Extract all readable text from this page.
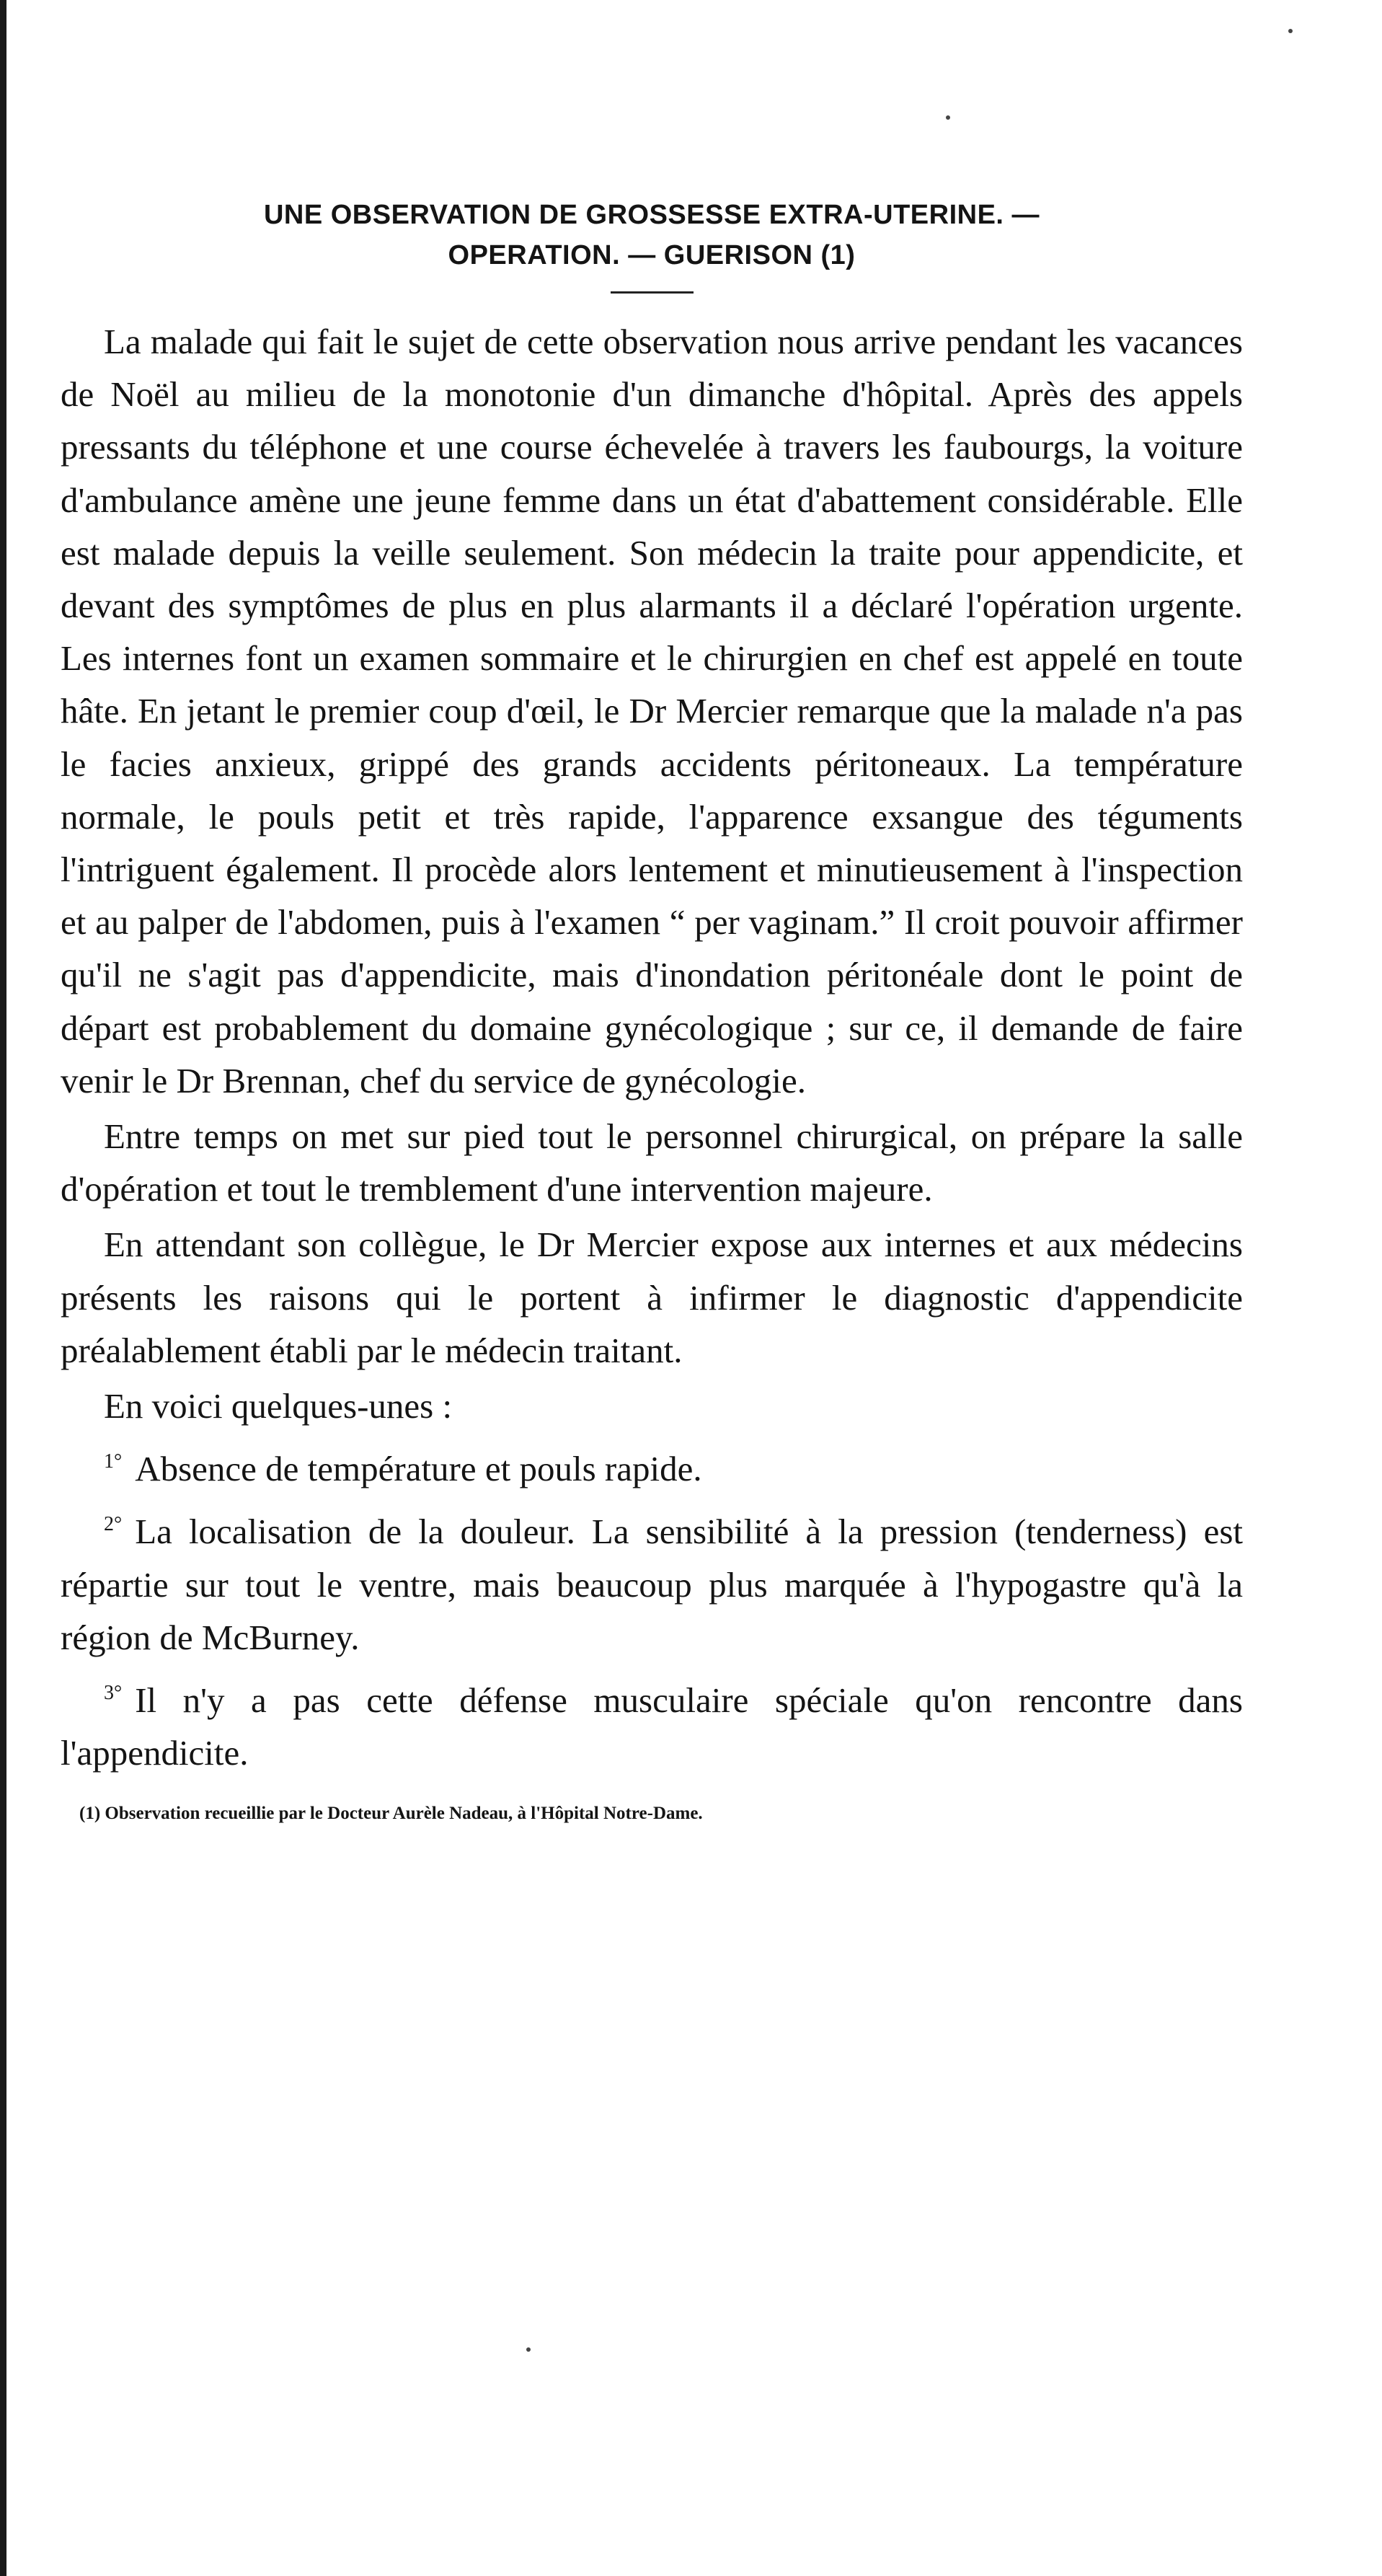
UNE OBSERVATION DE GROSSESSE EXTRA-UTERINE. —
OPERATION. — GUERISON (1)

La malade qui fait le sujet de cette observation nous arrive pendant les vacances de Noël au milieu de la monotonie d'un dimanche d'hôpital. Après des appels pressants du téléphone et une course échevelée à travers les faubourgs, la voiture d'ambulance amène une jeune femme dans un état d'abattement considérable. Elle est malade depuis la veille seulement. Son médecin la traite pour appendicite, et devant des symptômes de plus en plus alarmants il a déclaré l'opération urgente. Les internes font un examen sommaire et le chirurgien en chef est appelé en toute hâte. En jetant le premier coup d'œil, le Dr Mercier remarque que la malade n'a pas le facies anxieux, grippé des grands accidents péritoneaux. La température normale, le pouls petit et très rapide, l'apparence exsangue des téguments l'intriguent également. Il procède alors lentement et minutieusement à l'inspection et au palper de l'abdomen, puis à l'examen “ per vaginam.” Il croit pouvoir affirmer qu'il ne s'agit pas d'appendicite, mais d'inondation péritonéale dont le point de départ est probablement du domaine gynécologique ; sur ce, il demande de faire venir le Dr Brennan, chef du service de gynécologie.

Entre temps on met sur pied tout le personnel chirurgical, on prépare la salle d'opération et tout le tremblement d'une intervention majeure.

En attendant son collègue, le Dr Mercier expose aux internes et aux médecins présents les raisons qui le portent à infirmer le diagnostic d'appendicite préalablement établi par le médecin traitant.

En voici quelques-unes :

$^{1^\circ}$ Absence de température et pouls rapide.

$^{2^\circ}$ La localisation de la douleur. La sensibilité à la pression (tenderness) est répartie sur tout le ventre, mais beaucoup plus marquée à l'hypogastre qu'à la région de McBurney.

$^{3^\circ}$ Il n'y a pas cette défense musculaire spéciale qu'on rencontre dans l'appendicite.

(1) Observation recueillie par le Docteur Aurèle Nadeau, à l'Hôpital Notre-Dame.
